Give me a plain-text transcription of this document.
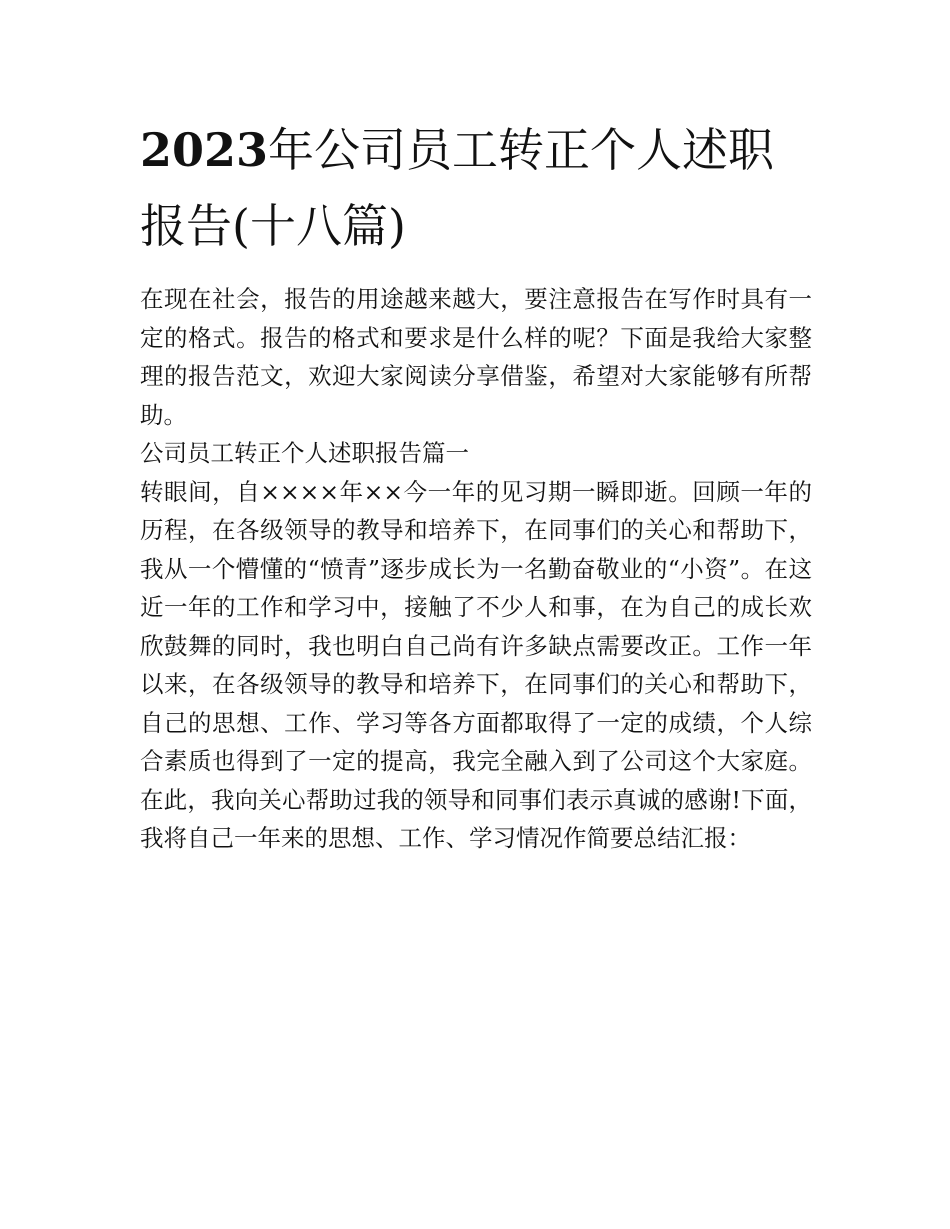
2023年公司员工转正个人述职报告(十八篇)

在现在社会，报告的用途越来越大，要注意报告在写作时具有一定的格式。报告的格式和要求是什么样的呢？下面是我给大家整理的报告范文，欢迎大家阅读分享借鉴，希望对大家能够有所帮助。

公司员工转正个人述职报告篇一

转眼间，自××××年××今一年的见习期一瞬即逝。回顾一年的历程，在各级领导的教导和培养下，在同事们的关心和帮助下，我从一个懵懂的“愤青”逐步成长为一名勤奋敬业的“小资”。在这近一年的工作和学习中，接触了不少人和事，在为自己的成长欢欣鼓舞的同时，我也明白自己尚有许多缺点需要改正。工作一年以来，在各级领导的教导和培养下，在同事们的关心和帮助下，自己的思想、工作、学习等各方面都取得了一定的成绩，个人综合素质也得到了一定的提高，我完全融入到了公司这个大家庭。在此，我向关心帮助过我的领导和同事们表示真诚的感谢!下面，我将自己一年来的思想、工作、学习情况作简要总结汇报：
